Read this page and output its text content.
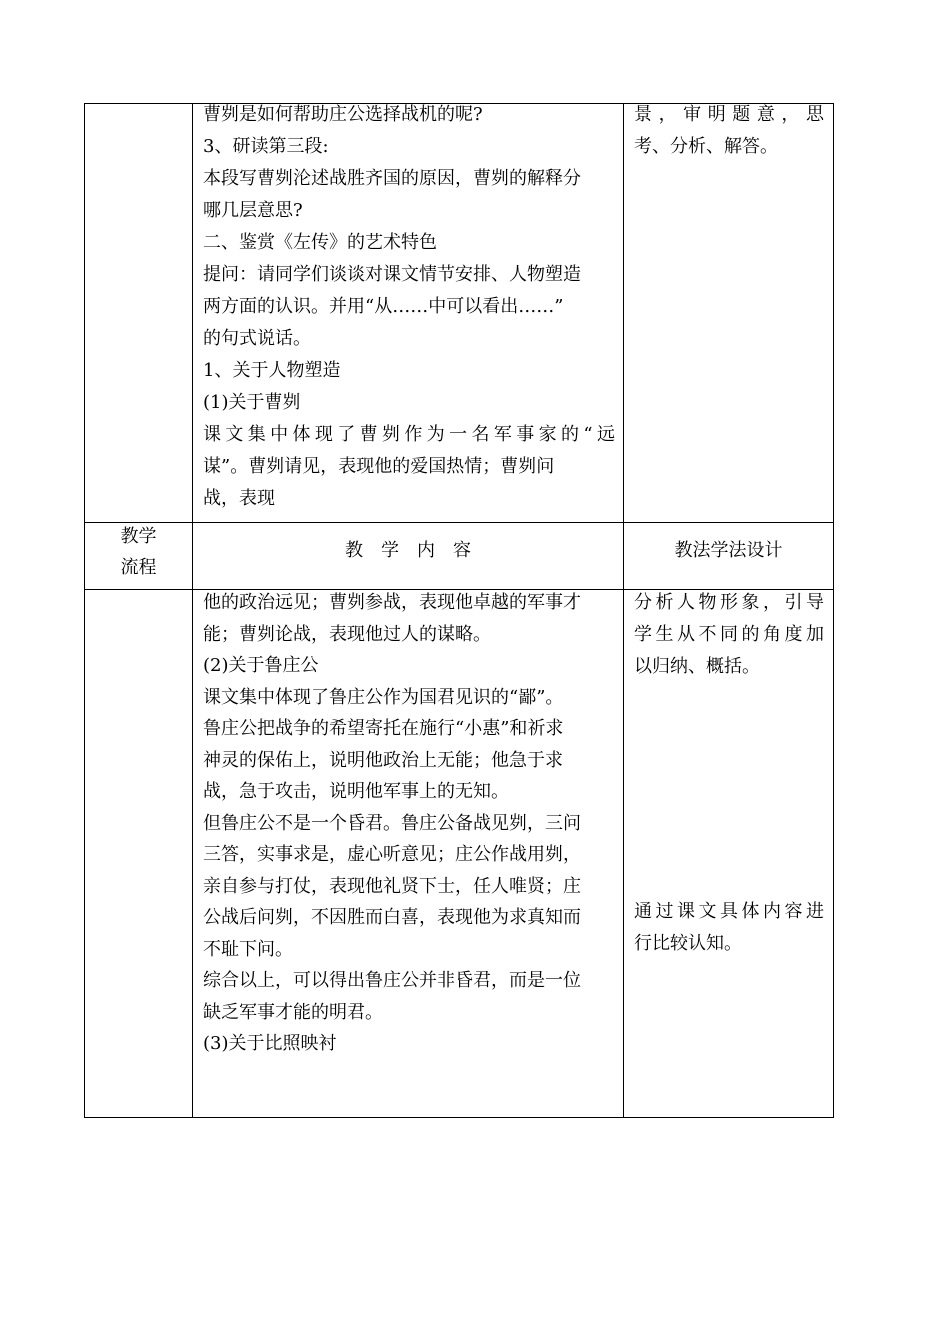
曹刿是如何帮助庄公选择战机的呢?
3、研读第三段:
本段写曹刿沦述战胜齐国的原因，曹刿的解释分
哪几层意思?
二、鉴赏《左传》的艺术特色
提问：请同学们谈谈对课文情节安排、人物塑造
两方面的认识。并用“从……中可以看出……”
的句式说话。
1、关于人物塑造
(1)关于曹刿
课文集中体现了曹刿作为一名军事家的“远
谋”。曹刿请见，表现他的爱国热情；曹刿问
战，表现
景，审明题意，思
考、分析、解答。
教学
流程
教　学　内　容	教法学法设计
他的政治远见；曹刿参战，表现他卓越的军事才
能；曹刿论战，表现他过人的谋略。
(2)关于鲁庄公
课文集中体现了鲁庄公作为国君见识的“鄙”。
鲁庄公把战争的希望寄托在施行“小惠”和祈求
神灵的保佑上，说明他政治上无能；他急于求
战，急于攻击，说明他军事上的无知。
但鲁庄公不是一个昏君。鲁庄公备战见刿，三问
三答，实事求是，虚心听意见；庄公作战用刿，
亲自参与打仗，表现他礼贤下士，任人唯贤；庄
公战后问刿，不因胜而白喜，表现他为求真知而
不耻下问。
综合以上，可以得出鲁庄公并非昏君，而是一位
缺乏军事才能的明君。
(3)关于比照映衬
分析人物形象，引导
学生从不同的角度加
以归纳、概括。
通过课文具体内容进
行比较认知。
